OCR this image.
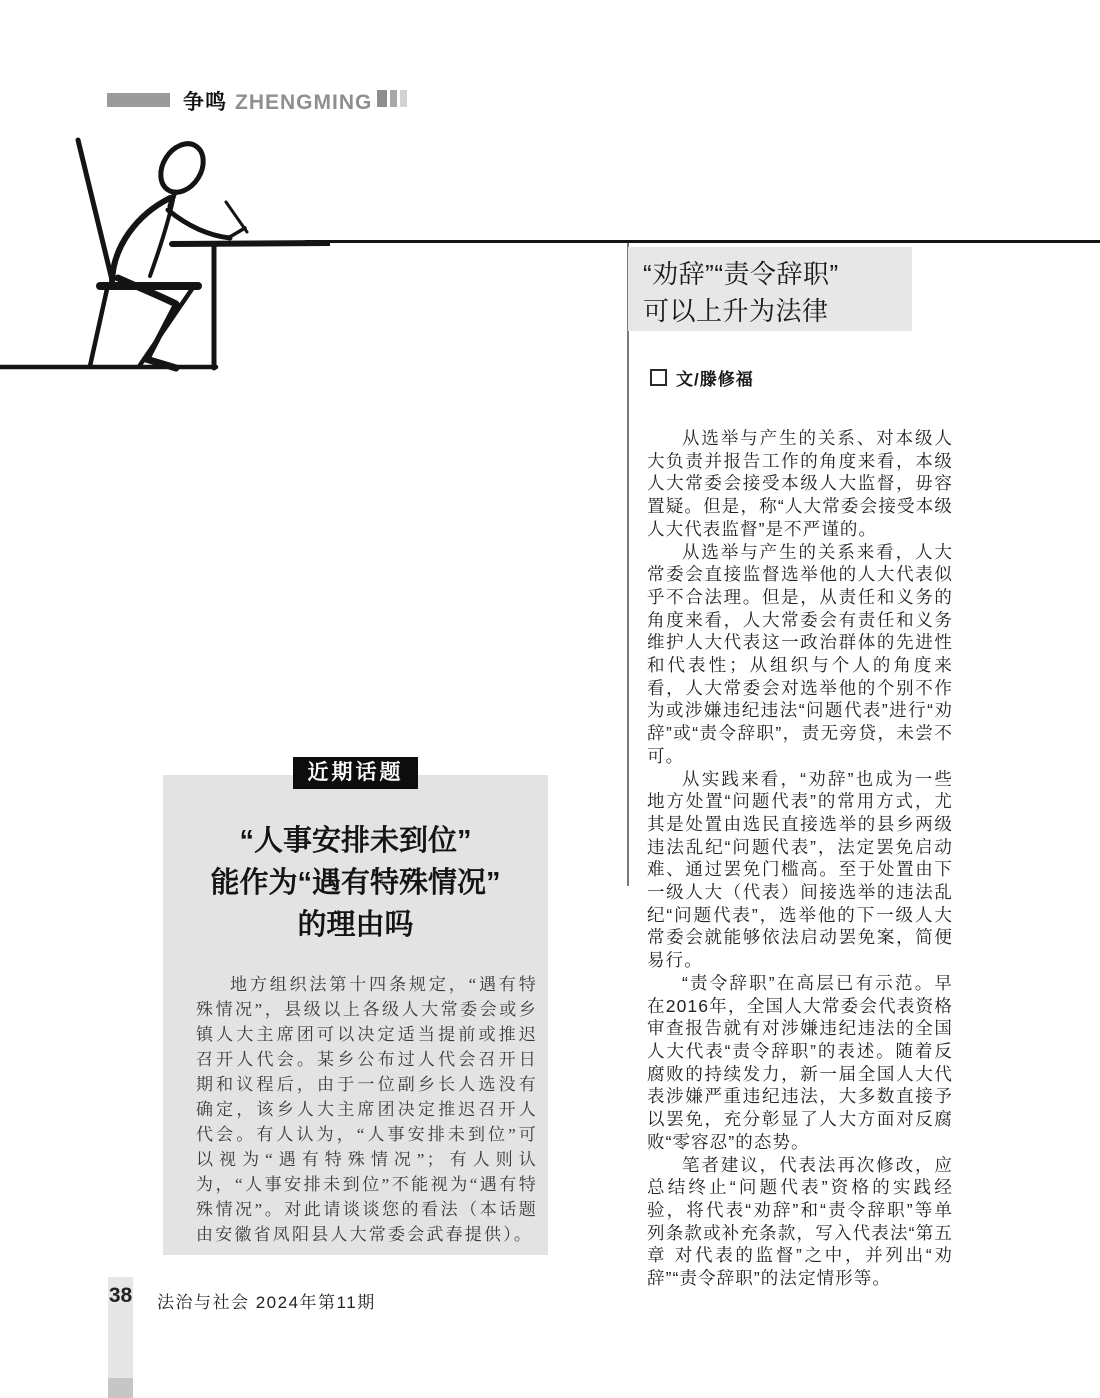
争鸣 ZHENGMING
“劝辞”“责令辞职”
可以上升为法律
文/滕修福

从选举与产生的关系、对本级人大负责并报告工作的角度来看，本级人大常委会接受本级人大监督，毋容置疑。但是，称“人大常委会接受本级人大代表监督”是不严谨的。

从选举与产生的关系来看，人大常委会直接监督选举他的人大代表似乎不合法理。但是，从责任和义务的角度来看，人大常委会有责任和义务维护人大代表这一政治群体的先进性和代表性；从组织与个人的角度来看，人大常委会对选举他的个别不作为或涉嫌违纪违法“问题代表”进行“劝辞”或“责令辞职”，责无旁贷，未尝不可。

从实践来看，“劝辞”也成为一些地方处置“问题代表”的常用方式，尤其是处置由选民直接选举的县乡两级违法乱纪“问题代表”，法定罢免启动难、通过罢免门槛高。至于处置由下一级人大（代表）间接选举的违法乱纪“问题代表”，选举他的下一级人大常委会就能够依法启动罢免案，简便易行。

“责令辞职”在高层已有示范。早在2016年，全国人大常委会代表资格审查报告就有对涉嫌违纪违法的全国人大代表“责令辞职”的表述。随着反腐败的持续发力，新一届全国人大代表涉嫌严重违纪违法，大多数直接予以罢免，充分彰显了人大方面对反腐败“零容忍”的态势。

笔者建议，代表法再次修改，应总结终止“问题代表”资格的实践经验，将代表“劝辞”和“责令辞职”等单列条款或补充条款，写入代表法“第五章 对代表的监督”之中，并列出“劝辞”“责令辞职”的法定情形等。

近期话题
“人事安排未到位”
能作为“遇有特殊情况”
的理由吗

地方组织法第十四条规定，“遇有特殊情况”，县级以上各级人大常委会或乡镇人大主席团可以决定适当提前或推迟召开人代会。某乡公布过人代会召开日期和议程后，由于一位副乡长人选没有确定，该乡人大主席团决定推迟召开人代会。有人认为，“人事安排未到位”可以视为“遇有特殊情况”；有人则认为，“人事安排未到位”不能视为“遇有特殊情况”。对此请谈谈您的看法（本话题由安徽省凤阳县人大常委会武春提供）。

38 法治与社会 2024年第11期
